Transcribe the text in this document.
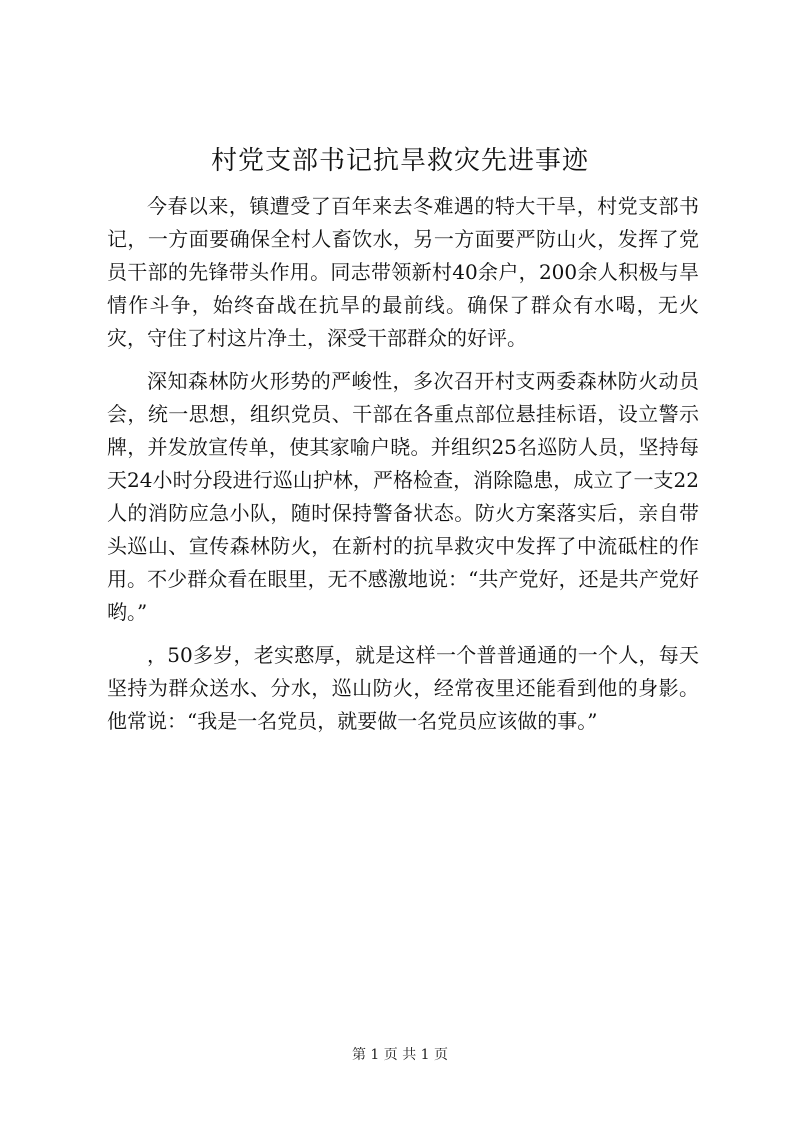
村党支部书记抗旱救灾先进事迹

今春以来，镇遭受了百年来去冬难遇的特大干旱，村党支部书记，一方面要确保全村人畜饮水，另一方面要严防山火，发挥了党员干部的先锋带头作用。同志带领新村40余户，200余人积极与旱情作斗争，始终奋战在抗旱的最前线。确保了群众有水喝，无火灾，守住了村这片净土，深受干部群众的好评。

深知森林防火形势的严峻性，多次召开村支两委森林防火动员会，统一思想，组织党员、干部在各重点部位悬挂标语，设立警示牌，并发放宣传单，使其家喻户晓。并组织25名巡防人员，坚持每天24小时分段进行巡山护林，严格检查，消除隐患，成立了一支22人的消防应急小队，随时保持警备状态。防火方案落实后，亲自带头巡山、宣传森林防火，在新村的抗旱救灾中发挥了中流砥柱的作用。不少群众看在眼里，无不感激地说：“共产党好，还是共产党好哟。”

，50多岁，老实憨厚，就是这样一个普普通通的一个人，每天坚持为群众送水、分水，巡山防火，经常夜里还能看到他的身影。他常说：“我是一名党员，就要做一名党员应该做的事。”

第 1 页 共 1 页
